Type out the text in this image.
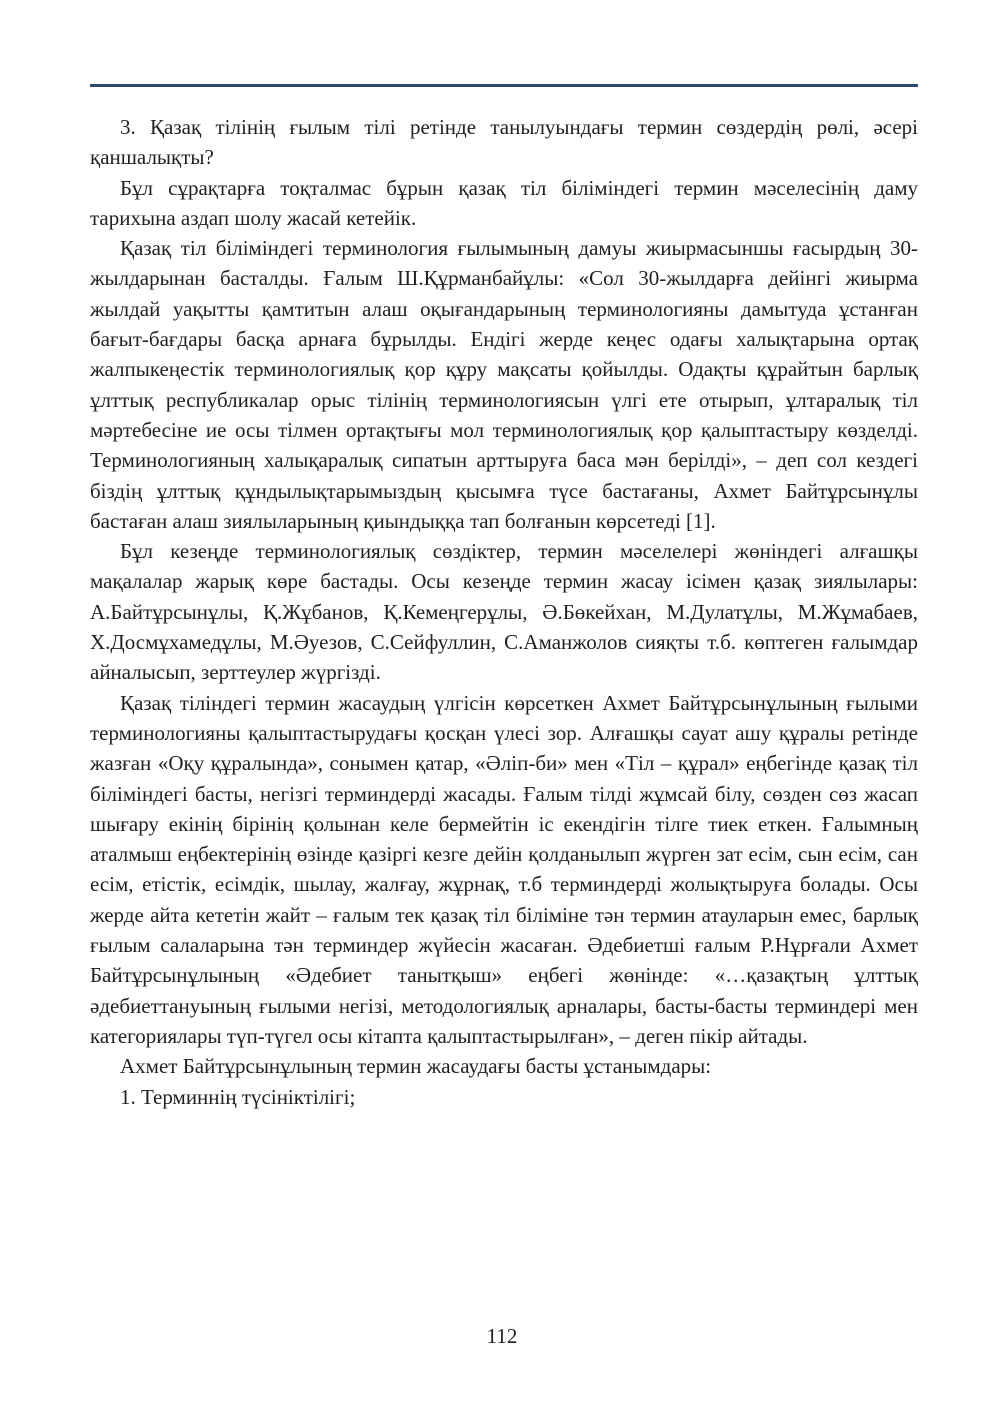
3. Қазақ тілінің ғылым тілі ретінде танылуындағы термин сөздердің рөлі, әсері қаншалықты?

Бұл сұрақтарға тоқталмас бұрын қазақ тіл біліміндегі термин мәселесінің даму тарихына аздап шолу жасай кетейік.

Қазақ тіл біліміндегі терминология ғылымының дамуы жиырмасыншы ғасырдың 30-жылдарынан басталды. Ғалым Ш.Құрманбайұлы: «Сол 30-жылдарға дейінгі жиырма жылдай уақытты қамтитын алаш оқығандарының терминологияны дамытуда ұстанған бағыт-бағдары басқа арнаға бұрылды. Ендігі жерде кеңес одағы халықтарына ортақ жалпыкеңестік терминологиялық қор құру мақсаты қойылды. Одақты құрайтын барлық ұлттық республикалар орыс тілінің терминологиясын үлгі ете отырып, ұлтаралық тіл мәртебесіне ие осы тілмен ортақтығы мол терминологиялық қор қалыптастыру көзделді. Терминологияның халықаралық сипатын арттыруға баса мән берілді», – деп сол кездегі біздің ұлттық құндылықтарымыздың қысымға түсе бастағаны, Ахмет Байтұрсынұлы бастаған алаш зиялыларының қиындыққа тап болғанын көрсетеді [1].

Бұл кезеңде терминологиялық сөздіктер, термин мәселелері жөніндегі алғашқы мақалалар жарық көре бастады. Осы кезеңде термин жасау ісімен қазақ зиялылары: А.Байтұрсынұлы, Қ.Жұбанов, Қ.Кемеңгерұлы, Ә.Бөкейхан, М.Дулатұлы, М.Жұмабаев, Х.Досмұхамедұлы, М.Әуезов, С.Сейфуллин, С.Аманжолов сияқты т.б. көптеген ғалымдар айналысып, зерттеулер жүргізді.

Қазақ тіліндегі термин жасаудың үлгісін көрсеткен Ахмет Байтұрсынұлының ғылыми терминологияны қалыптастырудағы қосқан үлесі зор. Алғашқы сауат ашу құралы ретінде жазған «Оқу құралында», сонымен қатар, «Әліп-би» мен «Тіл – құрал» еңбегінде қазақ тіл біліміндегі басты, негізгі терминдерді жасады. Ғалым тілді жұмсай білу, сөзден сөз жасап шығару екінің бірінің қолынан келе бермейтін іс екендігін тілге тиек еткен. Ғалымның аталмыш еңбектерінің өзінде қазіргі кезге дейін қолданылып жүрген зат есім, сын есім, сан есім, етістік, есімдік, шылау, жалғау, жұрнақ, т.б терминдерді жолықтыруға болады. Осы жерде айта кететін жайт – ғалым тек қазақ тіл біліміне тән термин атауларын емес, барлық ғылым салаларына тән терминдер жүйесін жасаған. Әдебиетші ғалым Р.Нұрғали Ахмет Байтұрсынұлының «Әдебиет танытқыш» еңбегі жөнінде: «…қазақтың ұлттық әдебиеттануының ғылыми негізі, методологиялық арналары, басты-басты терминдері мен категориялары түп-түгел осы кітапта қалыптастырылған», – деген пікір айтады.

Ахмет Байтұрсынұлының термин жасаудағы басты ұстанымдары:

1. Терминнің түсініктілігі;

112
